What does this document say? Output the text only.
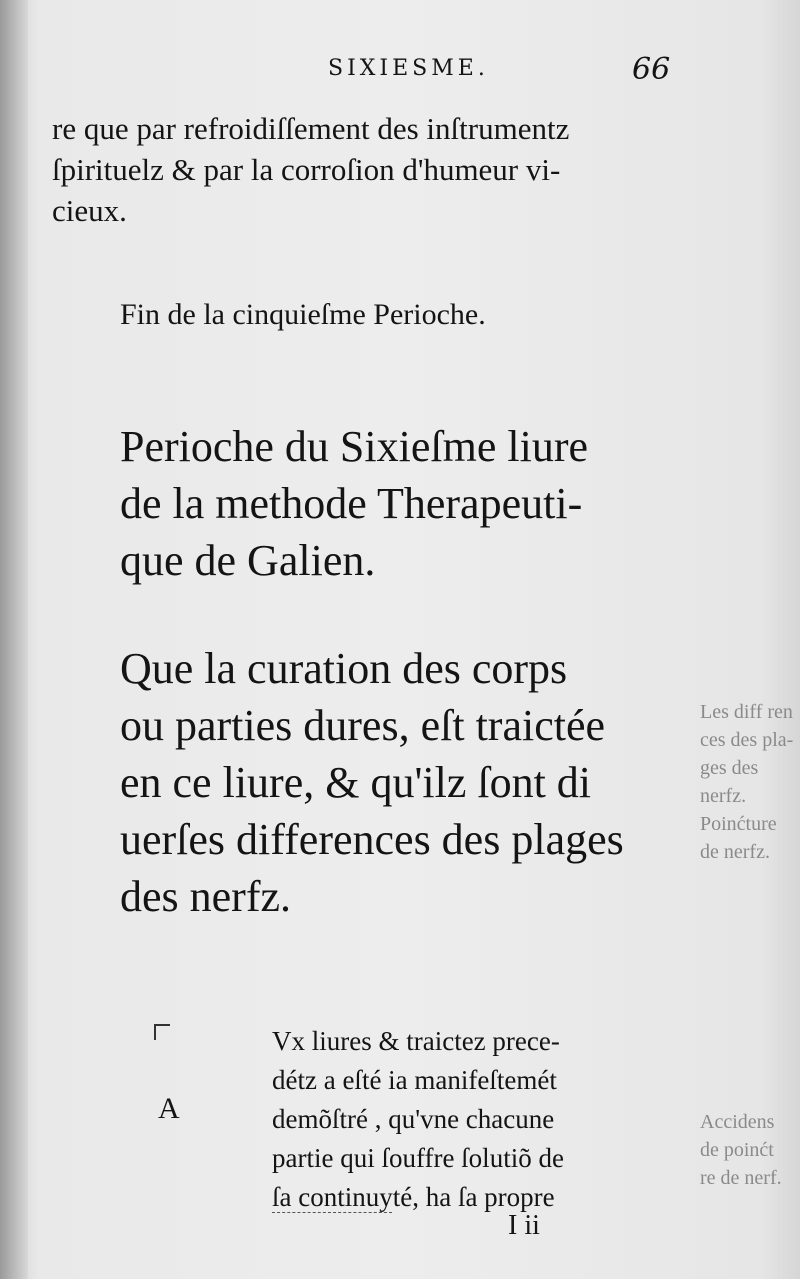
SIXIESME.	66
re que par refroidiſſement des inſtrumentz
ſpirituelz & par la corroſion d'humeur vi-
cieux.
Fin de la cinquieſme Perioche.
Perioche du Sixieſme liure
de la methode Therapeuti-
que de Galien.
Que la curation des corps
ou parties dures, eſt traictée
en ce liure, & qu'ilz ſont di
uerſes differences des plages
des nerfz.
A
Vx liures & traictez prece-
détz a eſté ia manifeſtemét
demõſtré , qu'vne chacune
partie qui ſouffre ſolutiõ de
ſa continuyté, ha ſa propre
I ii
Les diff ren
ces des pla-
ges des
nerfz.
Poinćture
de nerfz.
Accidens
de poinćt
re de nerf.
